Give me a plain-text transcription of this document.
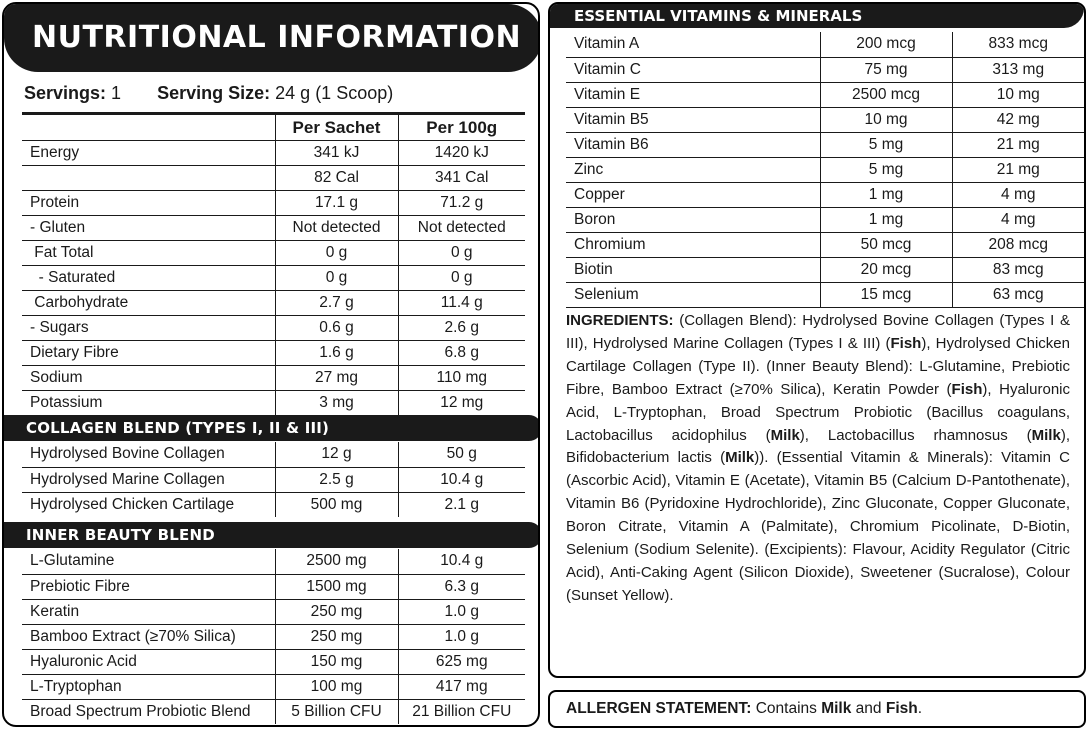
NUTRITIONAL INFORMATION
Servings: 1 Serving Size: 24 g (1 Scoop)
	Per Sachet	Per 100g
Energy	341 kJ	1420 kJ
	82 Cal	341 Cal
Protein	17.1 g	71.2 g
- Gluten	Not detected	Not detected
Fat Total	0 g	0 g
- Saturated	0 g	0 g
Carbohydrate	2.7 g	11.4 g
- Sugars	0.6 g	2.6 g
Dietary Fibre	1.6 g	6.8 g
Sodium	27 mg	110 mg
Potassium	3 mg	12 mg
COLLAGEN BLEND (TYPES I, II & III)
Hydrolysed Bovine Collagen	12 g	50 g
Hydrolysed Marine Collagen	2.5 g	10.4 g
Hydrolysed Chicken Cartilage	500 mg	2.1 g
INNER BEAUTY BLEND
L-Glutamine	2500 mg	10.4 g
Prebiotic Fibre	1500 mg	6.3 g
Keratin	250 mg	1.0 g
Bamboo Extract (≥70% Silica)	250 mg	1.0 g
Hyaluronic Acid	150 mg	625 mg
L-Tryptophan	100 mg	417 mg
Broad Spectrum Probiotic Blend	5 Billion CFU	21 Billion CFU
ESSENTIAL VITAMINS & MINERALS
Vitamin A	200 mcg	833 mcg
Vitamin C	75 mg	313 mg
Vitamin E	2500 mcg	10 mg
Vitamin B5	10 mg	42 mg
Vitamin B6	5 mg	21 mg
Zinc	5 mg	21 mg
Copper	1 mg	4 mg
Boron	1 mg	4 mg
Chromium	50 mcg	208 mcg
Biotin	20 mcg	83 mcg
Selenium	15 mcg	63 mcg

INGREDIENTS: (Collagen Blend): Hydrolysed Bovine Collagen (Types I & III), Hydrolysed Marine Collagen (Types I & III) (Fish), Hydrolysed Chicken Cartilage Collagen (Type II). (Inner Beauty Blend): L-Glutamine, Prebiotic Fibre, Bamboo Extract (≥70% Silica), Keratin Powder (Fish), Hyaluronic Acid, L-Tryptophan, Broad Spectrum Probiotic (Bacillus coagulans, Lactobacillus acidophilus (Milk), Lactobacillus rhamnosus (Milk), Bifidobacterium lactis (Milk)). (Essential Vitamin & Minerals): Vitamin C (Ascorbic Acid), Vitamin E (Acetate), Vitamin B5 (Calcium D-Pantothenate), Vitamin B6 (Pyridoxine Hydrochloride), Zinc Gluconate, Copper Gluconate, Boron Citrate, Vitamin A (Palmitate), Chromium Picolinate, D-Biotin, Selenium (Sodium Selenite). (Excipients): Flavour, Acidity Regulator (Citric Acid), Anti-Caking Agent (Silicon Dioxide), Sweetener (Sucralose), Colour (Sunset Yellow).

ALLERGEN STATEMENT: Contains Milk and Fish.
